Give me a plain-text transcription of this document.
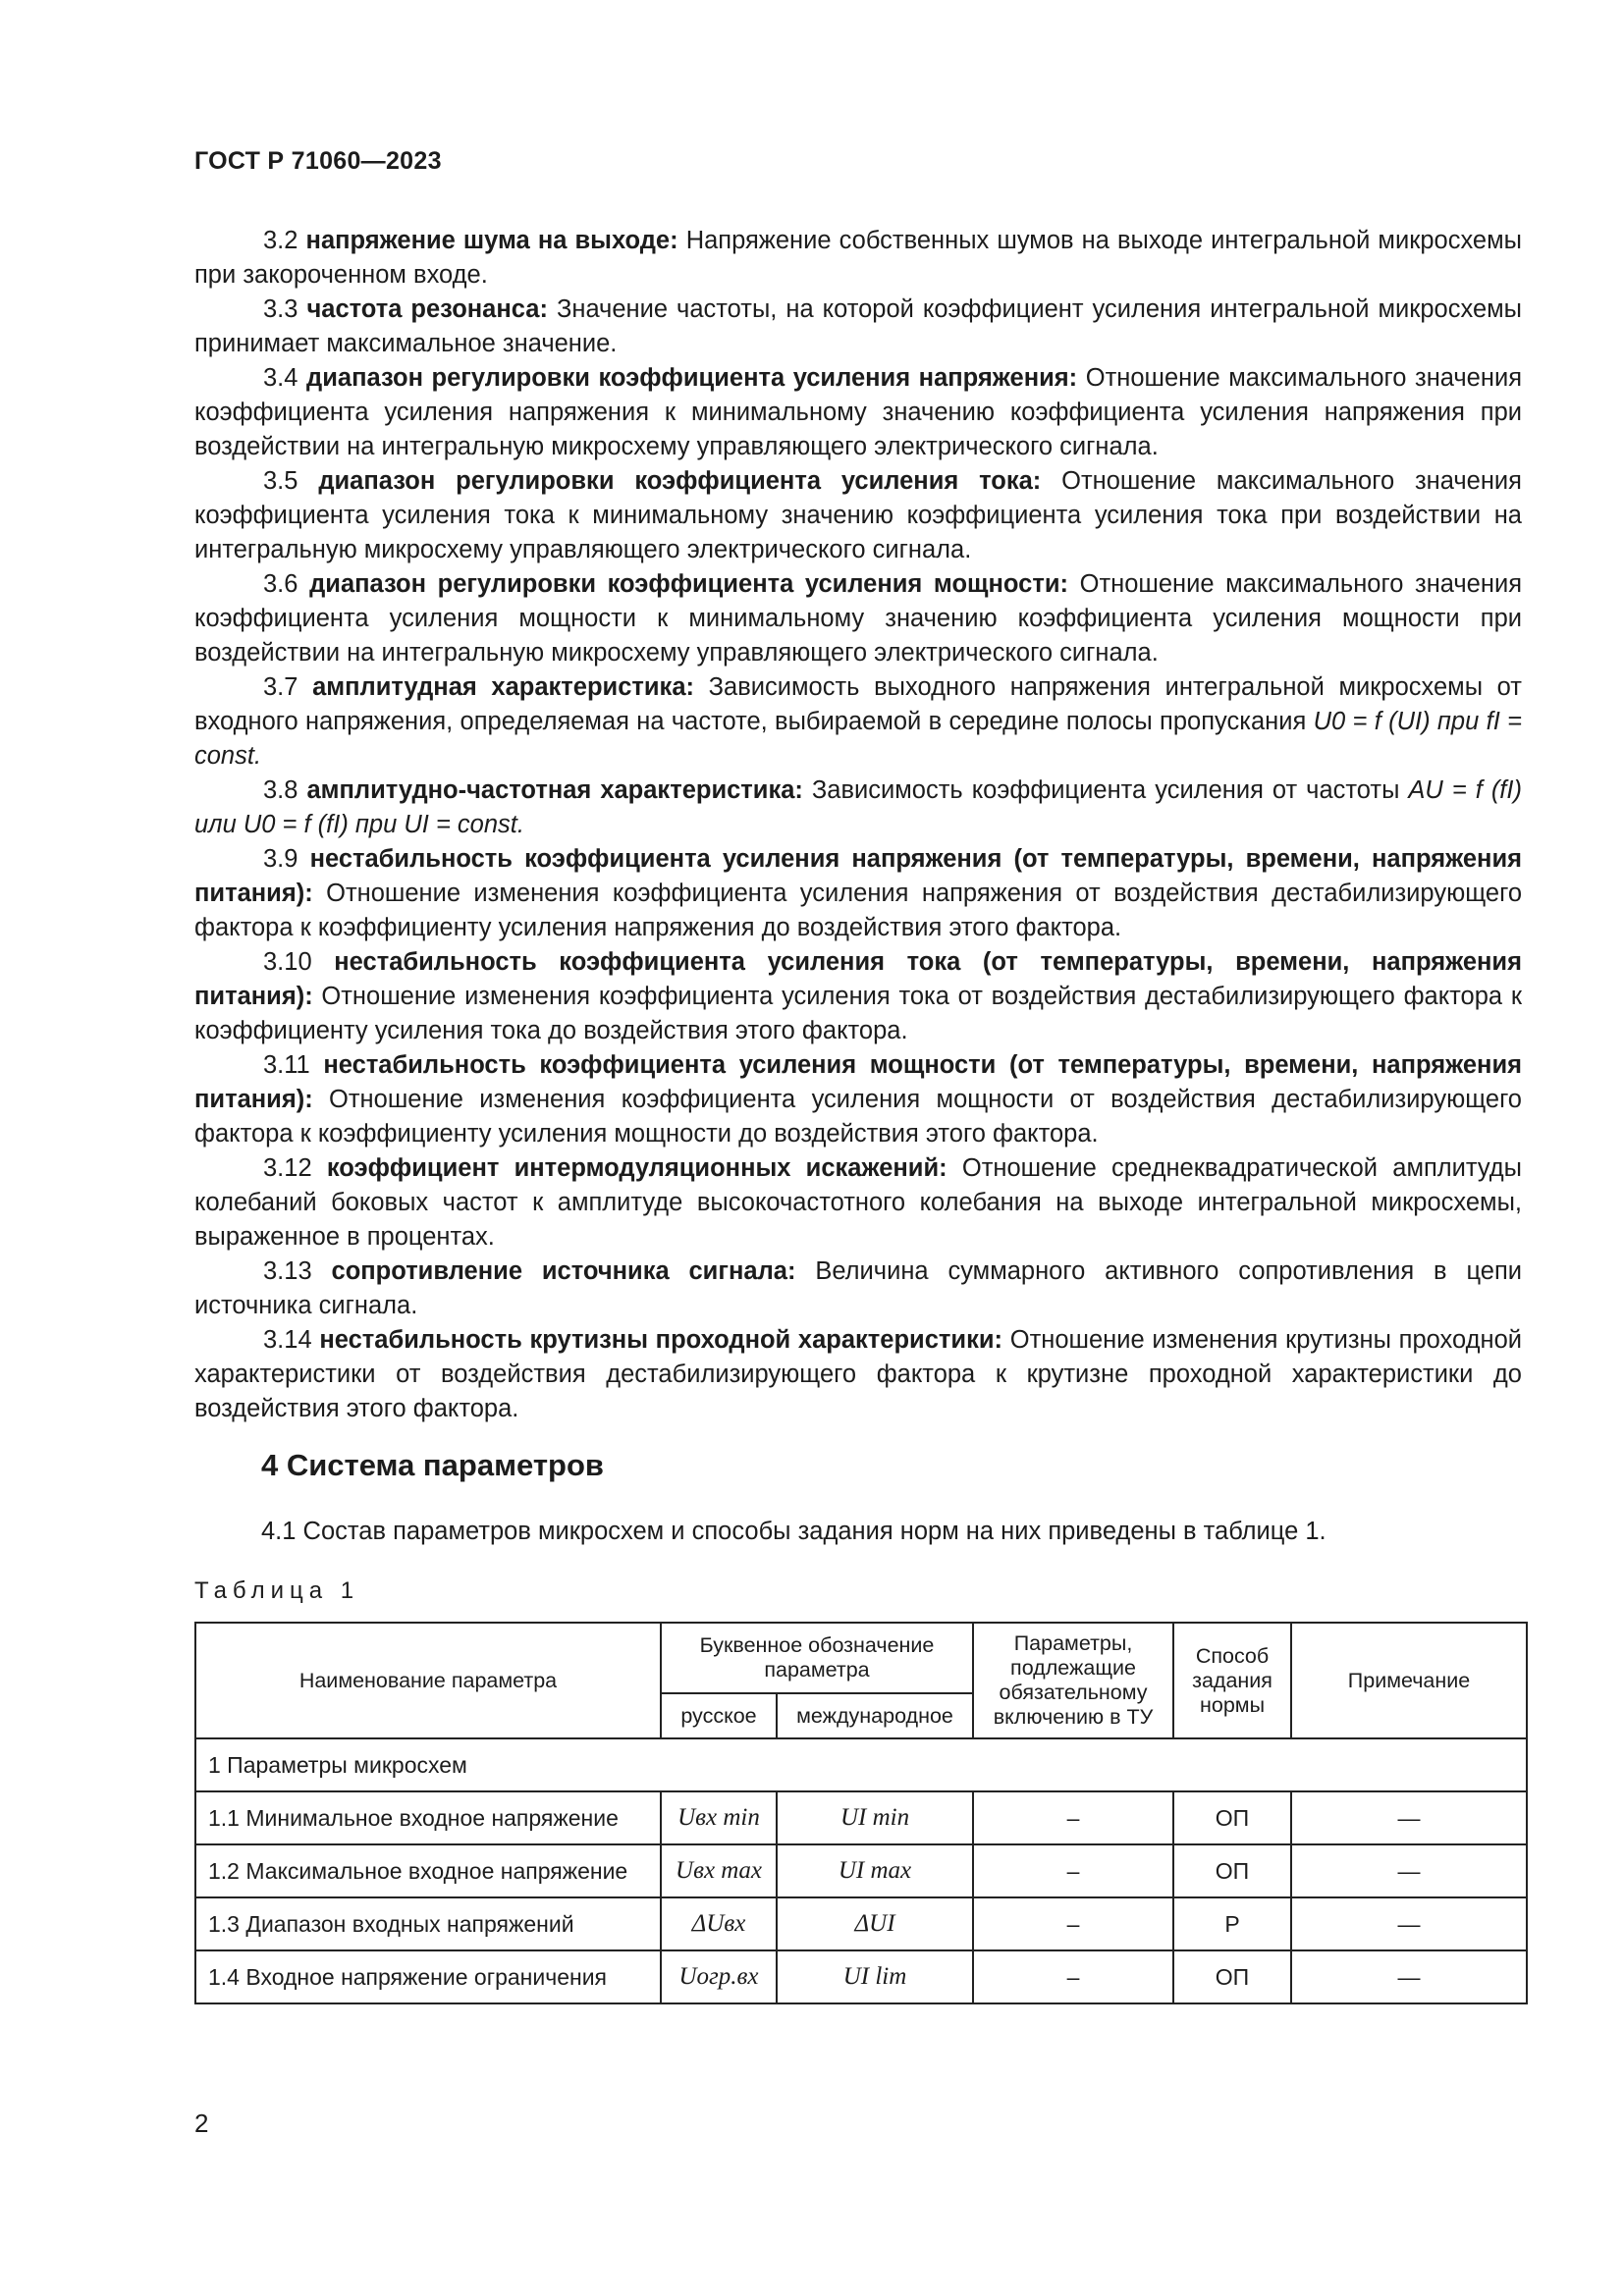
ГОСТ Р 71060—2023

3.2 напряжение шума на выходе: Напряжение собственных шумов на выходе интегральной микросхемы при закороченном входе.

3.3 частота резонанса: Значение частоты, на которой коэффициент усиления интегральной микросхемы принимает максимальное значение.

3.4 диапазон регулировки коэффициента усиления напряжения: Отношение максимального значения коэффициента усиления напряжения к минимальному значению коэффициента усиления напряжения при воздействии на интегральную микросхему управляющего электрического сигнала.

3.5 диапазон регулировки коэффициента усиления тока: Отношение максимального значения коэффициента усиления тока к минимальному значению коэффициента усиления тока при воздействии на интегральную микросхему управляющего электрического сигнала.

3.6 диапазон регулировки коэффициента усиления мощности: Отношение максимального значения коэффициента усиления мощности к минимальному значению коэффициента усиления мощности при воздействии на интегральную микросхему управляющего электрического сигнала.

3.7 амплитудная характеристика: Зависимость выходного напряжения интегральной микросхемы от входного напряжения, определяемая на частоте, выбираемой в середине полосы пропускания U0 = f (UI) при fI = const.

3.8 амплитудно-частотная характеристика: Зависимость коэффициента усиления от частоты AU = f (fI) или U0 = f (fI) при UI = const.

3.9 нестабильность коэффициента усиления напряжения (от температуры, времени, напряжения питания): Отношение изменения коэффициента усиления напряжения от воздействия дестабилизирующего фактора к коэффициенту усиления напряжения до воздействия этого фактора.

3.10 нестабильность коэффициента усиления тока (от температуры, времени, напряжения питания): Отношение изменения коэффициента усиления тока от воздействия дестабилизирующего фактора к коэффициенту усиления тока до воздействия этого фактора.

3.11 нестабильность коэффициента усиления мощности (от температуры, времени, напряжения питания): Отношение изменения коэффициента усиления мощности от воздействия дестабилизирующего фактора к коэффициенту усиления мощности до воздействия этого фактора.

3.12 коэффициент интермодуляционных искажений: Отношение среднеквадратической амплитуды колебаний боковых частот к амплитуде высокочастотного колебания на выходе интегральной микросхемы, выраженное в процентах.

3.13 сопротивление источника сигнала: Величина суммарного активного сопротивления в цепи источника сигнала.

3.14 нестабильность крутизны проходной характеристики: Отношение изменения крутизны проходной характеристики от воздействия дестабилизирующего фактора к крутизне проходной характеристики до воздействия этого фактора.

4 Система параметров
4.1 Состав параметров микросхем и способы задания норм на них приведены в таблице 1.
Таблица 1
Наименование параметра	Буквенное обозначение параметра		Параметры, подлежащие обязательному включению в ТУ	Способ задания нормы	Примечание
	русское	международное			
1 Параметры микросхем					
1.1 Минимальное входное напряжение	Uвх min	UI min	–	ОП	—
1.2 Максимальное входное напряжение	Uвх max	UI max	–	ОП	—
1.3 Диапазон входных напряжений	ΔUвх	ΔUI	–	Р	—
1.4 Входное напряжение ограничения	Uогр.вх	UI lim	–	ОП	—
2
